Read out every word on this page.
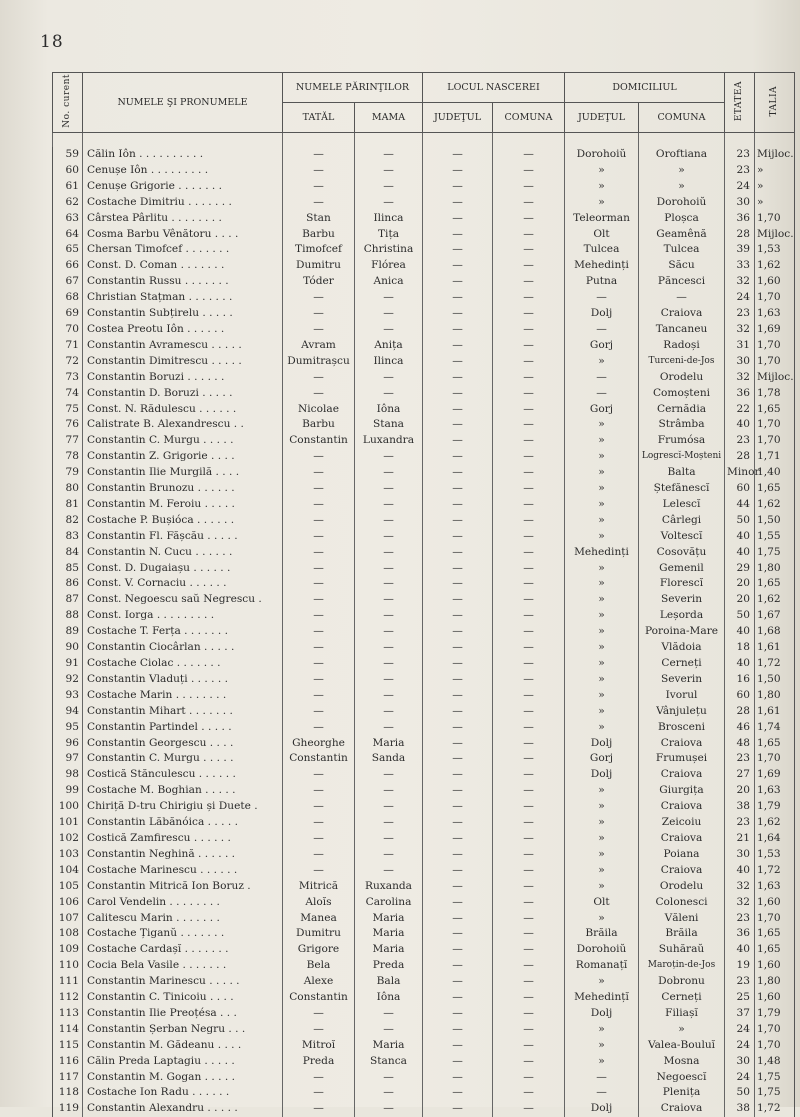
18
No. curent	NUMELE ŞI PRONUMELE	NUMELE PĂRINŢILOR		LOCUL NASCEREI		DOMICILIUL		ETATEA	TALIA
		TATĂL	MAMA	JUDEŢUL	COMUNA	JUDEŢUL	COMUNA		

59	Călin Iôn . . . . . . . . . .	—	—	—	—	Dorohoiŭ	Oroftiana	23	Mijloc.
60	Cenușe Iôn . . . . . . . . .	—	—	—	—	»	»	23	»
61	Cenușe Grigorie . . . . . . .	—	—	—	—	»	»	24	»
62	Costache Dimitriu . . . . . . .	—	—	—	—	»	Dorohoiŭ	30	»
63	Cârstea Pârlitu . . . . . . . .	Stan	Ilinca	—	—	Teleorman	Ploșca	36	1,70
64	Cosma Barbu Vênătoru . . . .	Barbu	Tița	—	—	Olt	Geamênă	28	Mijloc.
65	Chersan Timofcef . . . . . . .	Timofcef	Christina	—	—	Tulcea	Tulcea	39	1,53
66	Const. D. Coman . . . . . . .	Dumitru	Flórea	—	—	Mehedinți	Săcu	33	1,62
67	Constantin Russu . . . . . . .	Tóder	Anica	—	—	Putna	Păncesci	32	1,60
68	Christian Stațman . . . . . . .	—	—	—	—	—	—	24	1,70
69	Constantin Subțirelu . . . . .	—	—	—	—	Dolj	Craiova	23	1,63
70	Costea Preotu Iôn . . . . . .	—	—	—	—	—	Tancaneu	32	1,69
71	Constantin Avramescu . . . . .	Avram	Anița	—	—	Gorj	Radoși	31	1,70
72	Constantin Dimitrescu . . . . .	Dumitrașcu	Ilinca	—	—	»	Turceni-de-Jos	30	1,70
73	Constantin Boruzi . . . . . .	—	—	—	—	—	Orodelu	32	Mijloc.
74	Constantin D. Boruzi . . . . .	—	—	—	—	—	Comoșteni	36	1,78
75	Const. N. Rădulescu . . . . . .	Nicolae	Iôna	—	—	Gorj	Cernădia	22	1,65
76	Calistrate B. Alexandrescu . .	Barbu	Stana	—	—	»	Strâmba	40	1,70
77	Constantin C. Murgu . . . . .	Constantin	Luxandra	—	—	»	Frumósa	23	1,70
78	Constantin Z. Grigorie . . . .	—	—	—	—	»	Logrescĭ-Moșteni	28	1,71
79	Constantin Ilie Murgilă . . . .	—	—	—	—	»	Balta	Minor	1,40
80	Constantin Brunozu . . . . . .	—	—	—	—	»	Ștefănescĭ	60	1,65
81	Constantin M. Feroiu . . . . .	—	—	—	—	»	Lelescĭ	44	1,62
82	Costache P. Bușióca . . . . . .	—	—	—	—	»	Cârlegi	50	1,50
83	Constantin Fl. Fășcău . . . . .	—	—	—	—	»	Voltescĭ	40	1,55
84	Constantin N. Cucu . . . . . .	—	—	—	—	Mehedinți	Cosovățu	40	1,75
85	Const. D. Dugaiașu . . . . . .	—	—	—	—	»	Gemenil	29	1,80
86	Const. V. Cornaciu . . . . . .	—	—	—	—	»	Florescĭ	20	1,65
87	Const. Negoescu saŭ Negrescu .	—	—	—	—	»	Severin	20	1,62
88	Const. Iorga . . . . . . . . .	—	—	—	—	»	Leșorda	50	1,67
89	Costache T. Ferța . . . . . . .	—	—	—	—	»	Poroina-Mare	40	1,68
90	Constantin Ciocârlan . . . . .	—	—	—	—	»	Vlădoia	18	1,61
91	Costache Ciolac . . . . . . .	—	—	—	—	»	Cerneți	40	1,72
92	Constantin Vladuți . . . . . .	—	—	—	—	»	Severin	16	1,50
93	Costache Marin . . . . . . . .	—	—	—	—	»	Ivorul	60	1,80
94	Constantin Mihart . . . . . . .	—	—	—	—	»	Vânjulețu	28	1,61
95	Constantin Partindel . . . . .	—	—	—	—	»	Brosceni	46	1,74
96	Constantin Georgescu . . . .	Gheorghe	Maria	—	—	Dolj	Craiova	48	1,65
97	Constantin C. Murgu . . . . .	Constantin	Sanda	—	—	Gorj	Frumușei	23	1,70
98	Costică Stănculescu . . . . . .	—	—	—	—	Dolj	Craiova	27	1,69
99	Costache M. Boghian . . . . .	—	—	—	—	»	Giurgița	20	1,63
100	Chiriță D-tru Chirigiu și Duete .	—	—	—	—	»	Craiova	38	1,79
101	Constantin Lăbănóica . . . . .	—	—	—	—	»	Zeicoiu	23	1,62
102	Costică Zamfirescu . . . . . .	—	—	—	—	»	Craiova	21	1,64
103	Constantin Neghină . . . . . .	—	—	—	—	»	Poiana	30	1,53
104	Costache Marinescu . . . . . .	—	—	—	—	»	Craiova	40	1,72
105	Constantin Mitrică Ion Boruz .	Mitrică	Ruxanda	—	—	»	Orodelu	32	1,63
106	Carol Vendelin . . . . . . . .	Aloĭs	Carolina	—	—	Olt	Colonesci	32	1,60
107	Calitescu Marin . . . . . . .	Manea	Maria	—	—	»	Văleni	23	1,70
108	Costache Țiganŭ . . . . . . .	Dumitru	Maria	—	—	Brăila	Brăila	36	1,65
109	Costache Cardașĭ . . . . . . .	Grigore	Maria	—	—	Dorohoiŭ	Suhăraŭ	40	1,65
110	Cocia Bela Vasile . . . . . . .	Bela	Preda	—	—	Romanațĭ	Maroțin-de-Jos	19	1,60
111	Constantin Marinescu . . . . .	Alexe	Bala	—	—	»	Dobronu	23	1,80
112	Constantin C. Tinicoiu . . . .	Constantin	Iôna	—	—	Mehedințĭ	Cerneți	25	1,60
113	Constantin Ilie Preoțésa . . .	—	—	—	—	Dolj	Filiașĭ	37	1,79
114	Constantin Șerban Negru . . .	—	—	—	—	»	»	24	1,70
115	Constantin M. Gădeanu . . . .	Mitroĭ	Maria	—	—	»	Valea-Bouluĭ	24	1,70
116	Călin Preda Laptagiu . . . . .	Preda	Stanca	—	—	»	Mosna	30	1,48
117	Constantin M. Gogan . . . . .	—	—	—	—	—	Negoescĭ	24	1,75
118	Costache Ion Radu . . . . . .	—	—	—	—	—	Plenița	50	1,75
119	Constantin Alexandru . . . . .	—	—	—	—	Dolj	Craiova	38	1,72
